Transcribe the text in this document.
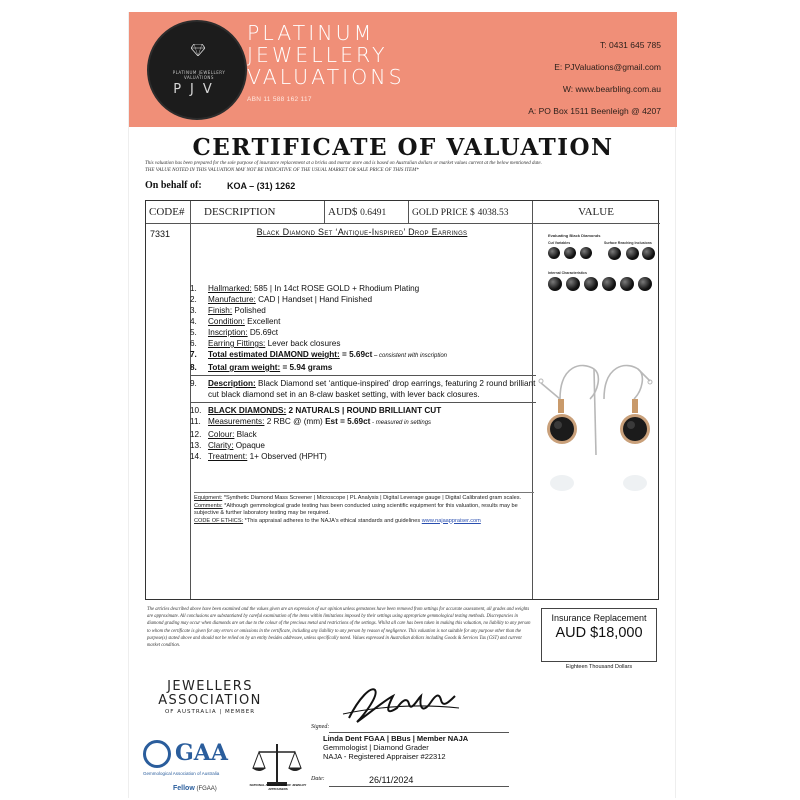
PLATINUM JEWELLERY VALUATIONS
PJV
PLATINUM
JEWELLERY
VALUATIONS
ABN 11 588 162 117
T: 0431 645 785
E: PJValuations@gmail.com
W: www.bearbling.com.au
A: PO Box 1511 Beenleigh @ 4207
CERTIFICATE OF VALUATION
This valuation has been prepared for the sole purpose of insurance replacement at a bricks and mortar store and is based on Australian dollars or market values current at the below mentioned date.
THE VALUE NOTED IN THIS VALUATION MAY NOT BE INDICATIVE OF THE USUAL MARKET OR SALE PRICE OF THIS ITEM*
On behalf of:	KOA – (31) 1262
CODE# DESCRIPTION	AUD$ 0.6491	GOLD PRICE $ 4038.53	VALUE
7331	Black Diamond Set ‘Antique-Inspired’ Drop Earrings
1.	Hallmarked: 585 | In 14ct ROSE GOLD + Rhodium Plating
2.	Manufacture: CAD | Handset | Hand Finished
3.	Finish: Polished
4.	Condition: Excellent
5.	Inscription: D5.69ct
6.	Earring Fittings: Lever back closures
7.	Total estimated DIAMOND weight: = 5.69ct – consistent with inscription
8.	Total gram weight: = 5.94 grams
9.	Description: Black Diamond set ‘antique-inspired’ drop earrings, featuring 2 round brilliant cut black diamond set in an 8-claw basket setting, with lever back closures.
10. BLACK DIAMONDS: 2 NATURALS | ROUND BRILLIANT CUT
11. Measurements: 2 RBC @ (mm) Est = 5.69ct - measured in settings
12. Colour: Black
13. Clarity: Opaque
14. Treatment: 1+ Observed (HPHT)
Equipment: *Synthetic Diamond Mass Screener | Microscope | PL Analysis | Digital Leverage gauge | Digital Calibrated gram scales.
Comments: *Although gemmological grade testing has been conducted using scientific equipment for this valuation, results may be subjective & further laboratory testing may be required.
CODE OF ETHICS: *This appraisal adheres to the NAJA's ethical standards and guidelines www.najaappraiser.com
Evaluating Black Diamonds
Cut Variables	Surface Reaching Inclusions
Internal Characteristics
The articles described above have been examined and the values given are an expression of our opinion unless gemstones have been removed from settings for accurate assessment, all grades and weights are approximate. All conclusions are substantiated by careful examination of the items within limitations imposed by their settings using appropriate gemmological testing methods. Discrepancies in diamond grading may occur when diamonds are set due to the colour of the precious metal and restrictions of the settings. Whilst all care has been taken in making this valuation, no liability to any person to whom the certificate is given for any errors or omissions in the certificate, including any liability to any person by reason of negligence. This valuation is not suitable for any purpose other than the purpose(s) stated above and should not be relied on by an entity besides addressee, unless specifically noted. Values expressed in Australian dollars including Goods & Services Tax (GST) and current market condition.
Insurance Replacement
AUD $18,000
Eighteen Thousand Dollars
JEWELLERS
ASSOCIATION
OF AUSTRALIA | MEMBER
GAA
Gemmological Association of Australia
Fellow (FGAA)
NATIONAL ASSOCIATION OF JEWELRY APPRAISERS
Signed:
Linda Dent FGAA | BBus | Member NAJA
Gemmologist | Diamond Grader
NAJA - Registered Appraiser #22312
Date:	26/11/2024
